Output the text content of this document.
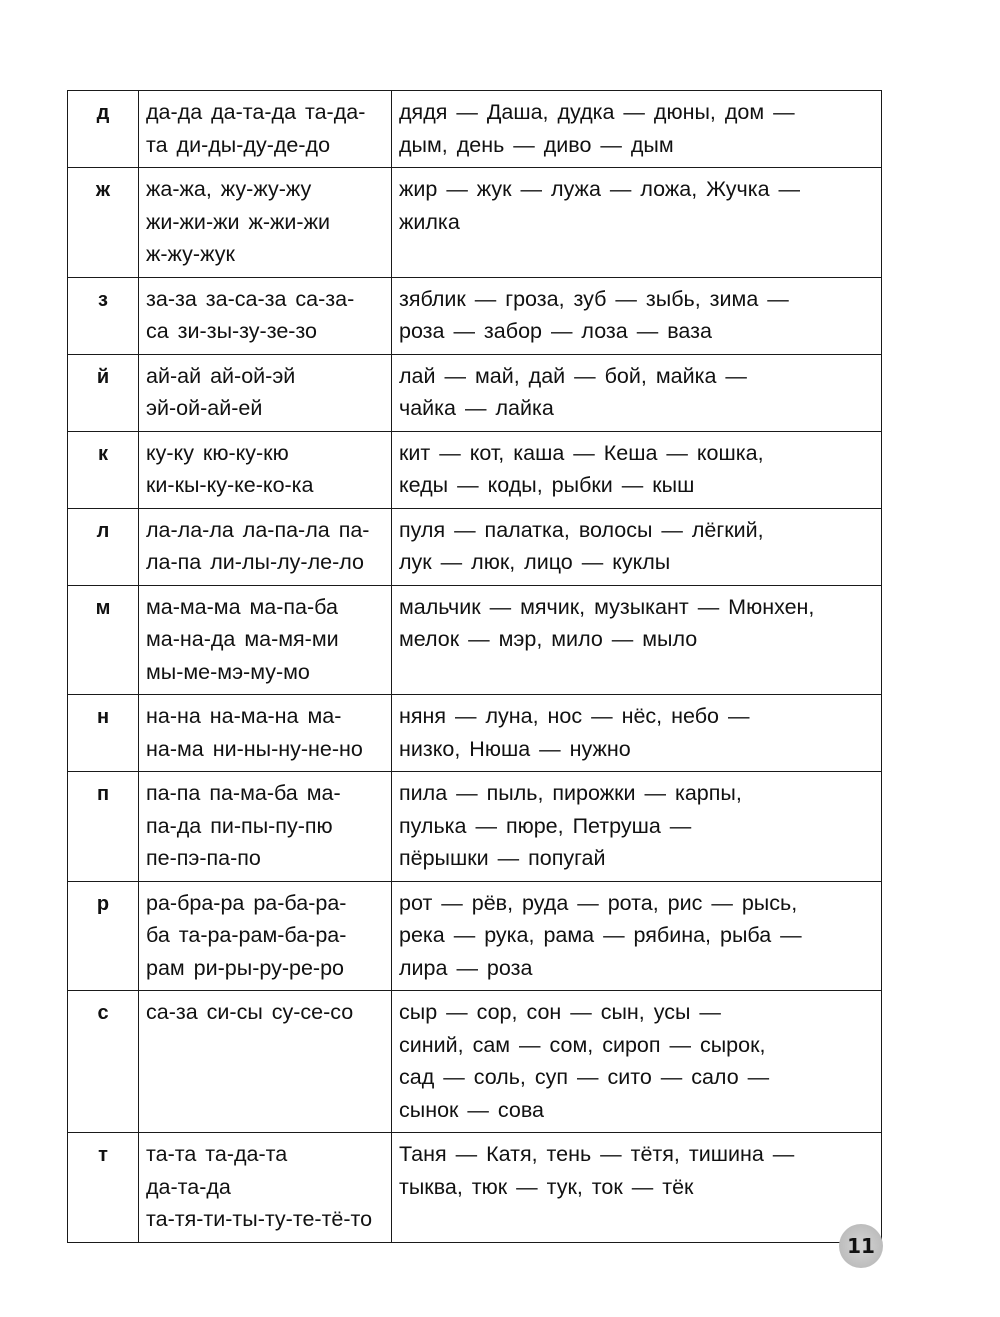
д	да-да да-та-да та-да-
та ди-ды-ду-де-до	дядя — Даша, дудка — дюны, дом —
дым, день — диво — дым

ж	жа-жа, жу-жу-жу
жи-жи-жи ж-жи-жи
ж-жу-жук	жир — жук — лужа — ложа, Жучка —
жилка

з	за-за за-са-за са-за-
са зи-зы-зу-зе-зо	зяблик — гроза, зуб — зыбь, зима —
роза — забор — лоза — ваза

й	ай-ай ай-ой-эй
эй-ой-ай-ей	лай — май, дай — бой, майка —
чайка — лайка

к	ку-ку кю-ку-кю
ки-кы-ку-ке-ко-ка	кит — кот, каша — Кеша — кошка,
кеды — коды, рыбки — кыш

л	ла-ла-ла ла-па-ла па-
ла-па ли-лы-лу-ле-ло	пуля — палатка, волосы — лёгкий,
лук — люк, лицо — куклы

м	ма-ма-ма ма-па-ба
ма-на-да ма-мя-ми
мы-ме-мэ-му-мо	мальчик — мячик, музыкант — Мюнхен,
мелок — мэр, мило — мыло

н	на-на на-ма-на ма-
на-ма ни-ны-ну-не-но	няня — луна, нос — нёс, небо —
низко, Нюша — нужно

п	па-па па-ма-ба ма-
па-да пи-пы-пу-пю
пе-пэ-па-по	пила — пыль, пирожки — карпы,
пулька — пюре, Петруша —
пёрышки — попугай

р	ра-бра-ра ра-ба-ра-
ба та-ра-рам-ба-ра-
рам ри-ры-ру-ре-ро	рот — рёв, руда — рота, рис — рысь,
река — рука, рама — рябина, рыба —
лира — роза

с	са-за си-сы су-се-со	сыр — сор, сон — сын, усы —
синий, сам — сом, сироп — сырок,
сад — соль, суп — сито — сало —
сынок — сова

т	та-та та-да-та
да-та-да
та-тя-ти-ты-ту-те-тё-то	Таня — Катя, тень — тётя, тишина —
тыква, тюк — тук, ток — тёк
11
